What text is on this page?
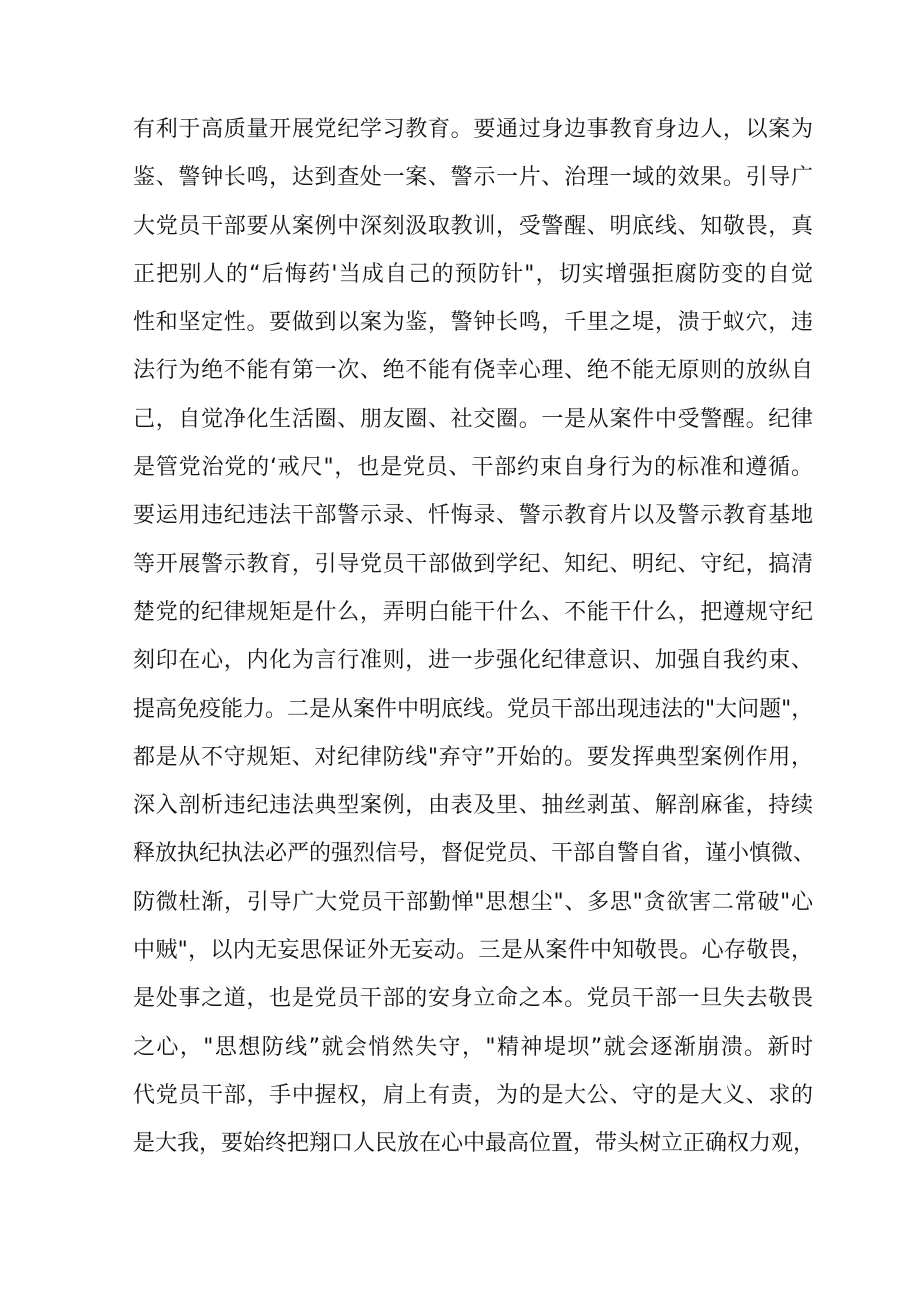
有利于高质量开展党纪学习教育。要通过身边事教育身边人，以案为
鉴、警钟长鸣，达到查处一案、警示一片、治理一域的效果。引导广
大党员干部要从案例中深刻汲取教训，受警醒、明底线、知敬畏，真
正把别人的“后悔药'当成自己的预防针"，切实增强拒腐防变的自觉
性和坚定性。要做到以案为鉴，警钟长鸣，千里之堤，溃于蚁穴，违
法行为绝不能有第一次、绝不能有侥幸心理、绝不能无原则的放纵自
己，自觉净化生活圈、朋友圈、社交圈。一是从案件中受警醒。纪律
是管党治党的‘戒尺"，也是党员、干部约束自身行为的标准和遵循。
要运用违纪违法干部警示录、忏悔录、警示教育片以及警示教育基地
等开展警示教育，引导党员干部做到学纪、知纪、明纪、守纪，搞清
楚党的纪律规矩是什么，弄明白能干什么、不能干什么，把遵规守纪
刻印在心，内化为言行准则，进一步强化纪律意识、加强自我约束、
提高免疫能力。二是从案件中明底线。党员干部出现违法的"大问题"，
都是从不守规矩、对纪律防线"弃守”开始的。要发挥典型案例作用，
深入剖析违纪违法典型案例，由表及里、抽丝剥茧、解剖麻雀，持续
释放执纪执法必严的强烈信号，督促党员、干部自警自省，谨小慎微、
防微杜渐，引导广大党员干部勤惮"思想尘"、多思"贪欲害二常破"心
中贼"，以内无妄思保证外无妄动。三是从案件中知敬畏。心存敬畏，
是处事之道，也是党员干部的安身立命之本。党员干部一旦失去敬畏
之心，"思想防线”就会悄然失守，"精神堤坝”就会逐渐崩溃。新时
代党员干部，手中握权，肩上有责，为的是大公、守的是大义、求的
是大我，要始终把翔口人民放在心中最高位置，带头树立正确权力观，
